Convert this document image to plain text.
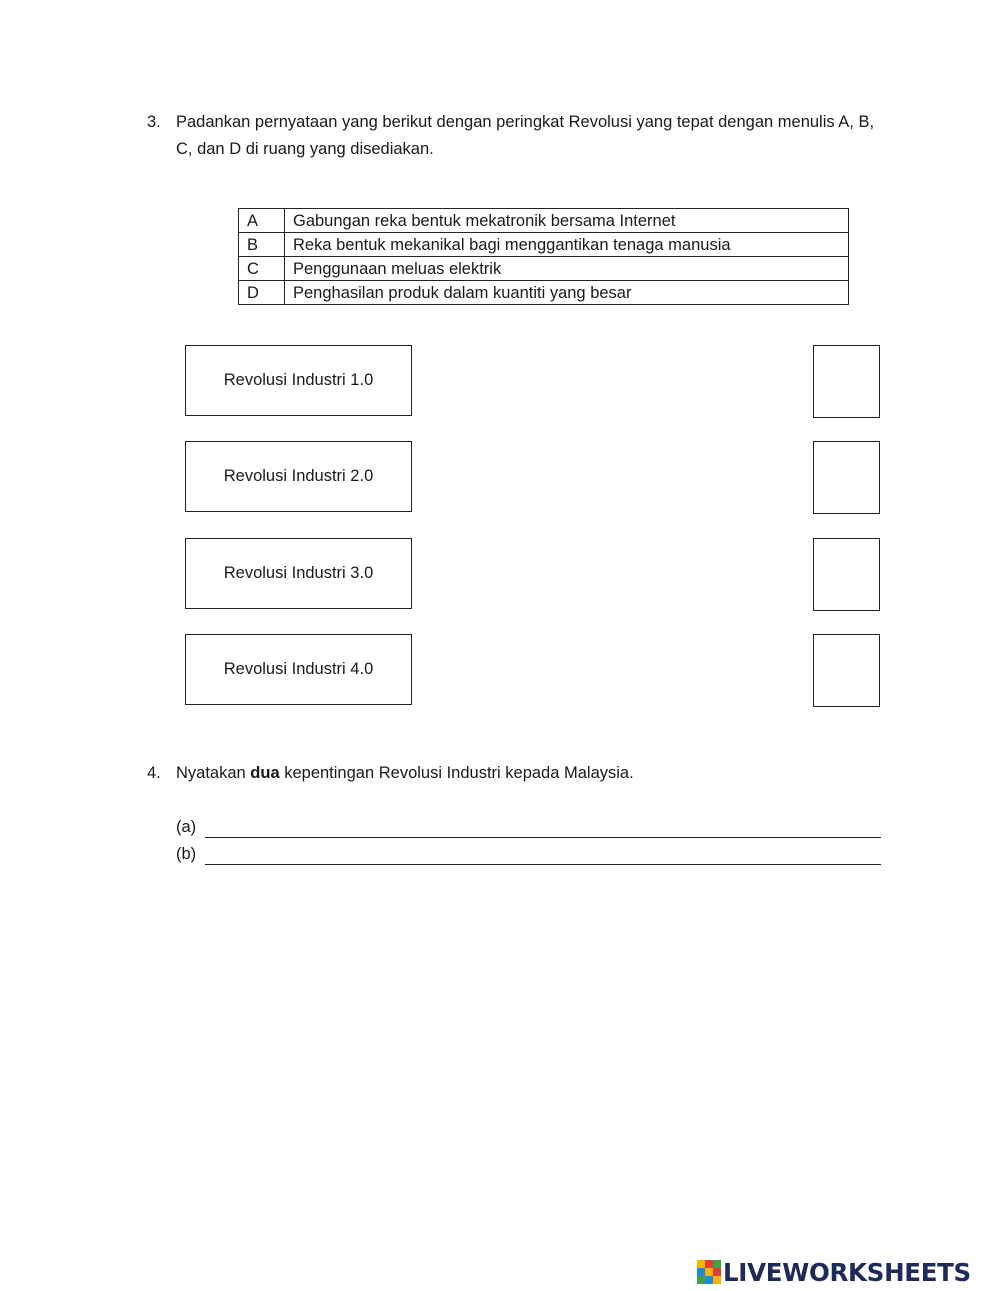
3. Padankan pernyataan yang berikut dengan peringkat Revolusi yang tepat dengan menulis A, B, C, dan D di ruang yang disediakan.
A	Gabungan reka bentuk mekatronik bersama Internet
B	Reka bentuk mekanikal bagi menggantikan tenaga manusia
C	Penggunaan meluas elektrik
D	Penghasilan produk dalam kuantiti yang besar
Revolusi Industri 1.0
Revolusi Industri 2.0
Revolusi Industri 3.0
Revolusi Industri 4.0
4. Nyatakan dua kepentingan Revolusi Industri kepada Malaysia.
(a)
(b)
LIVEWORKSHEETS
